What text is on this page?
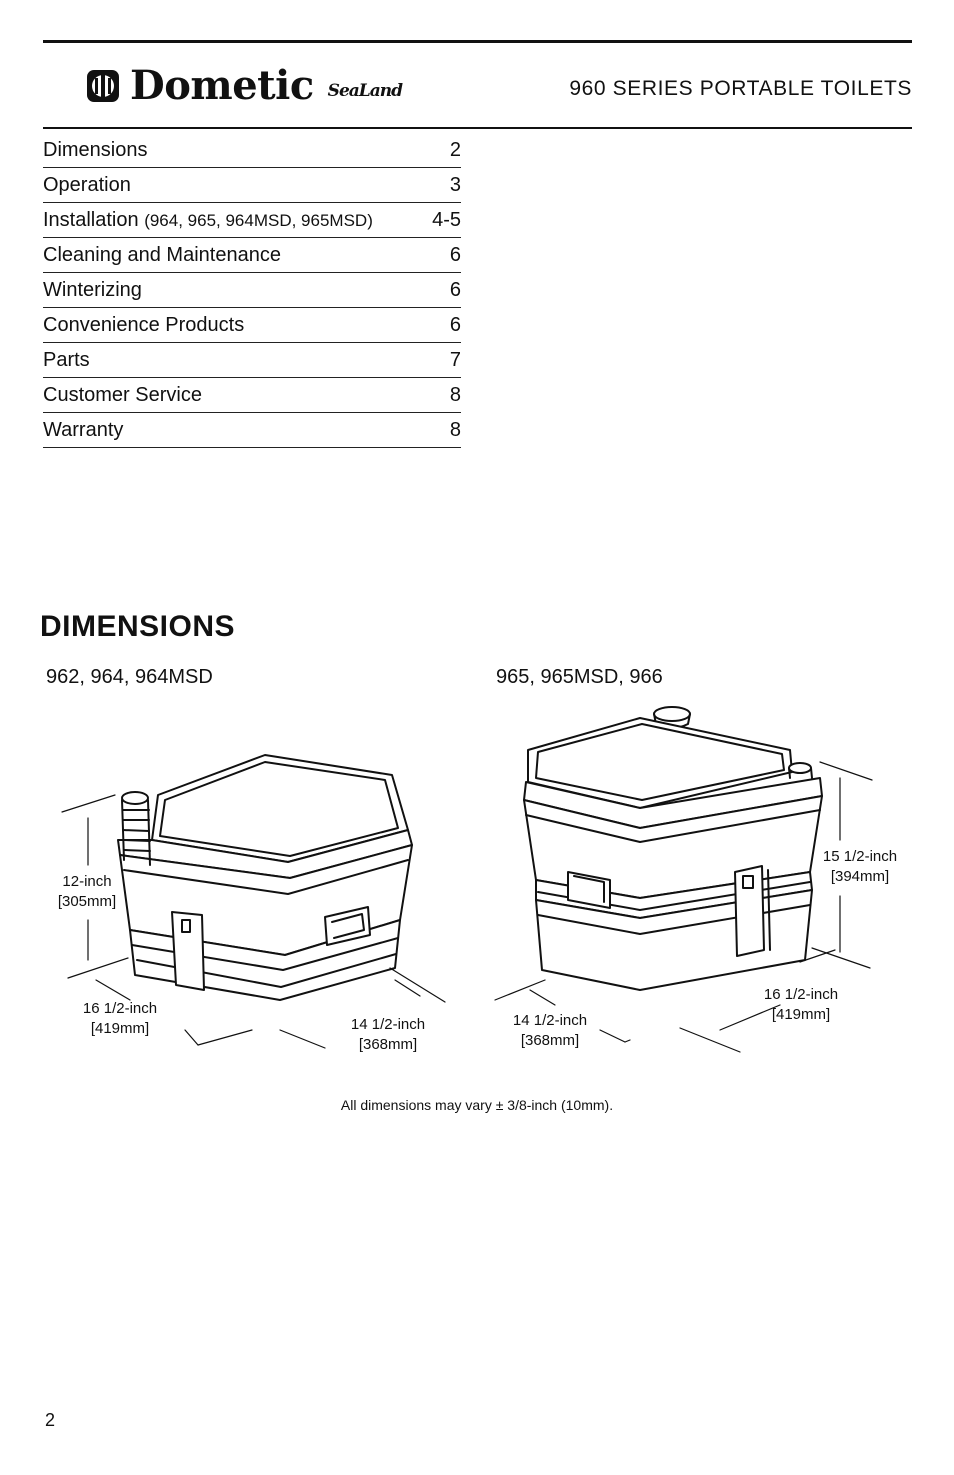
Dometic SeaLand	960 SERIES PORTABLE TOILETS
Dimensions	2
Operation	3
Installation (964, 965, 964MSD, 965MSD)	4-5
Cleaning and Maintenance	6
Winterizing	6
Convenience Products	6
Parts	7
Customer Service	8
Warranty	8
DIMENSIONS
962, 964, 964MSD	965, 965MSD, 966
12-inch
[305mm]
16 1/2-inch
[419mm]	14 1/2-inch
[368mm]
15 1/2-inch
[394mm]
16 1/2-inch
[419mm]
14 1/2-inch
[368mm]
All dimensions may vary ± 3/8-inch (10mm).
2
